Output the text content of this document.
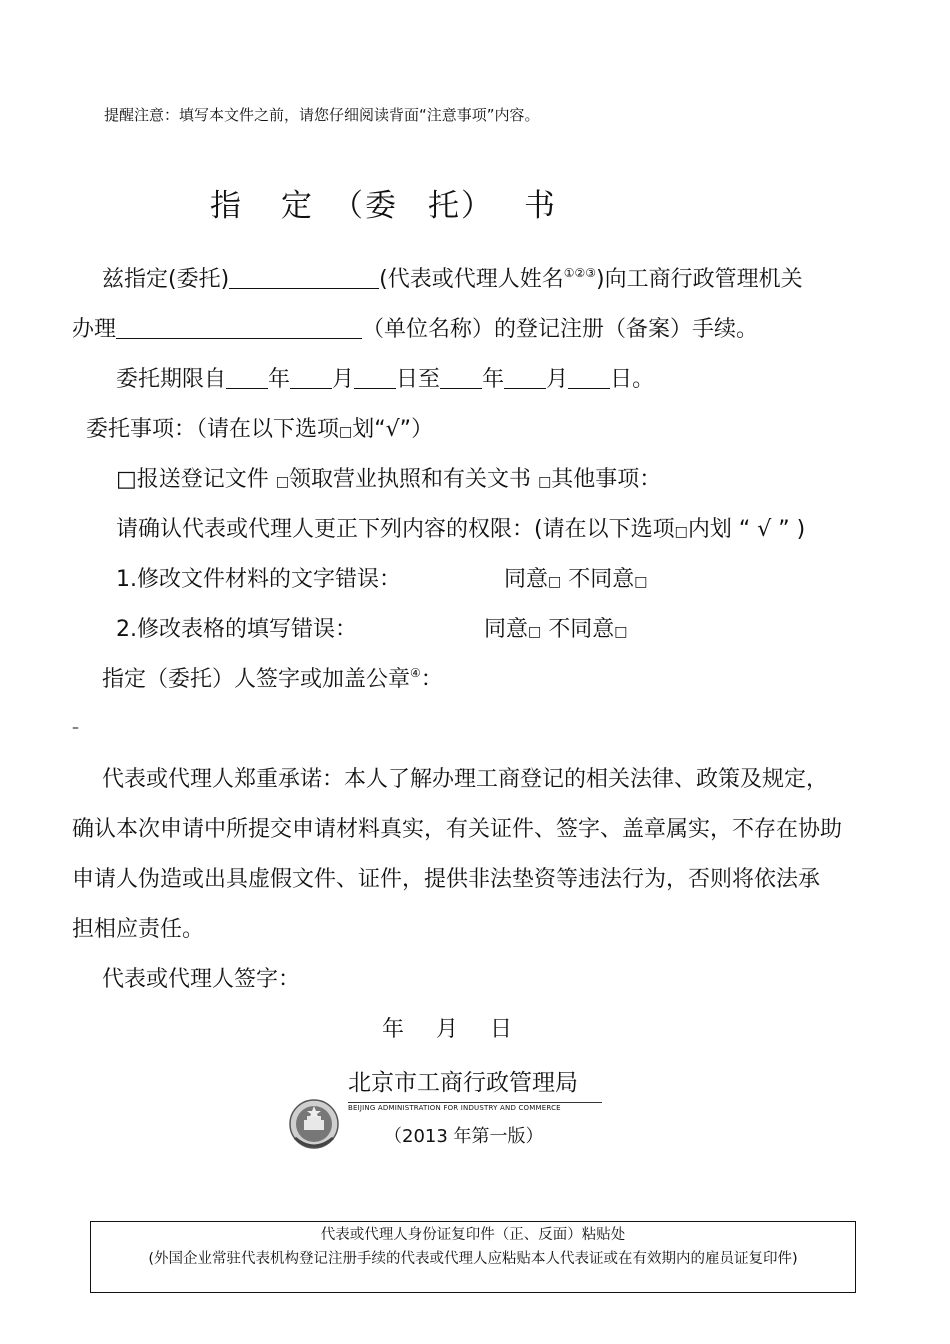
提醒注意：填写本文件之前，请您仔细阅读背面“注意事项”内容。
指 定 （委 托） 书
兹指定(委托)	(代表或代理人姓名①②③)向工商行政管理机关
办理	（单位名称）的登记注册（备案）手续。
委托期限自 年 月 日至 年 月 日。
委托事项：（请在以下选项□划“√”）
□报送登记文件 □领取营业执照和有关文书 □其他事项：
请确认代表或代理人更正下列内容的权限：(请在以下选项□内划 “ √ ” )
1.修改文件材料的文字错误：	同意□ 不同意□
2.修改表格的填写错误：	同意□ 不同意□
指定（委托）人签字或加盖公章④：
–
代表或代理人郑重承诺：本人了解办理工商登记的相关法律、政策及规定，
确认本次申请中所提交申请材料真实，有关证件、签字、盖章属实，不存在协助
申请人伪造或出具虚假文件、证件，提供非法垫资等违法行为，否则将依法承
担相应责任。
代表或代理人签字：
年 月 日
北京市工商行政管理局
BEIJING ADMINISTRATION FOR INDUSTRY AND COMMERCE
（2013 年第一版）
代表或代理人身份证复印件（正、反面）粘贴处
(外国企业常驻代表机构登记注册手续的代表或代理人应粘贴本人代表证或在有效期内的雇员证复印件)
